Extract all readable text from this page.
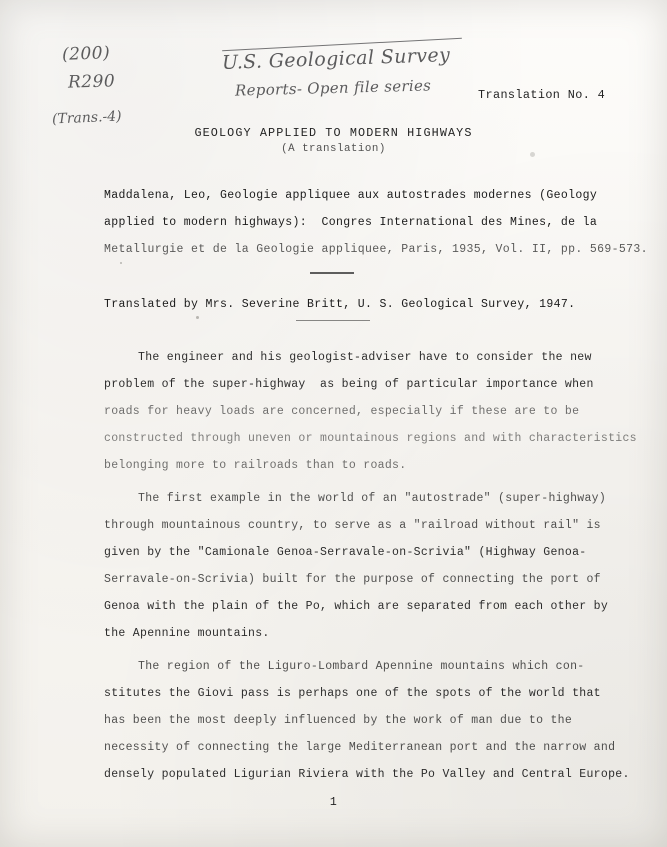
(200)
R290
(Trans.-4)
U.S. Geological Survey
Reports- Open file series	Translation No. 4
GEOLOGY APPLIED TO MODERN HIGHWAYS
(A translation)
Maddalena, Leo, Geologie appliquee aux autostrades modernes (Geology
applied to modern highways):  Congres International des Mines, de la
Metallurgie et de la Geologie appliquee, Paris, 1935, Vol. II, pp. 569-573.
Translated by Mrs. Severine Britt, U. S. Geological Survey, 1947.

The engineer and his geologist-adviser have to consider the new
problem of the super-highway  as being of particular importance when
roads for heavy loads are concerned, especially if these are to be
constructed through uneven or mountainous regions and with characteristics
belonging more to railroads than to roads.

The first example in the world of an "autostrade" (super-highway)
through mountainous country, to serve as a "railroad without rail" is
given by the "Camionale Genoa-Serravale-on-Scrivia" (Highway Genoa-
Serravale-on-Scrivia) built for the purpose of connecting the port of
Genoa with the plain of the Po, which are separated from each other by
the Apennine mountains.

The region of the Liguro-Lombard Apennine mountains which con-
stitutes the Giovi pass is perhaps one of the spots of the world that
has been the most deeply influenced by the work of man due to the
necessity of connecting the large Mediterranean port and the narrow and
densely populated Ligurian Riviera with the Po Valley and Central Europe.

1
